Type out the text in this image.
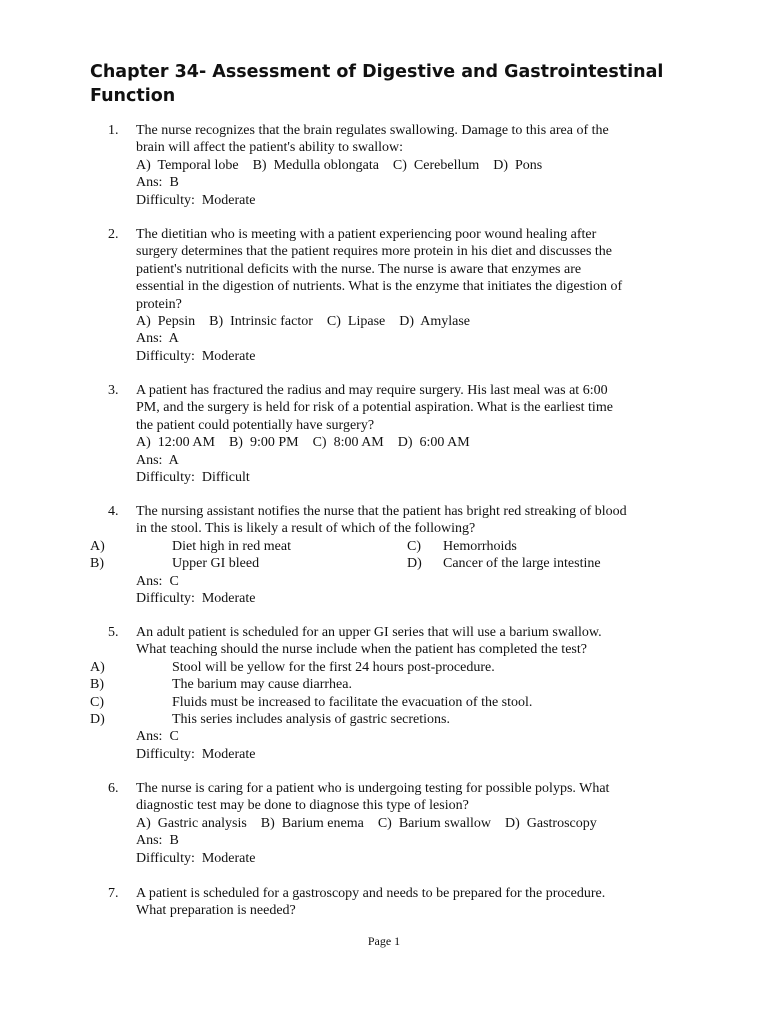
Chapter 34- Assessment of Digestive and Gastrointestinal Function
1.	The nurse recognizes that the brain regulates swallowing. Damage to this area of the
brain will affect the patient's ability to swallow:
A)  Temporal lobe    B)  Medulla oblongata    C)  Cerebellum    D)  Pons
Ans:  B
Difficulty:  Moderate
2.	The dietitian who is meeting with a patient experiencing poor wound healing after
surgery determines that the patient requires more protein in his diet and discusses the
patient's nutritional deficits with the nurse. The nurse is aware that enzymes are
essential in the digestion of nutrients. What is the enzyme that initiates the digestion of
protein?
A)  Pepsin    B)  Intrinsic factor    C)  Lipase    D)  Amylase
Ans:  A
Difficulty:  Moderate
3.	A patient has fractured the radius and may require surgery. His last meal was at 6:00
PM, and the surgery is held for risk of a potential aspiration. What is the earliest time
the patient could potentially have surgery?
A)  12:00 AM    B)  9:00 PM    C)  8:00 AM    D)  6:00 AM
Ans:  A
Difficulty:  Difficult
4.	The nursing assistant notifies the nurse that the patient has bright red streaking of blood
in the stool. This is likely a result of which of the following?
A)	Diet high in red meat	C) Hemorrhoids
B)	Upper GI bleed	D) Cancer of the large intestine
Ans:  C
Difficulty:  Moderate
5.	An adult patient is scheduled for an upper GI series that will use a barium swallow.
What teaching should the nurse include when the patient has completed the test?
A)	Stool will be yellow for the first 24 hours post-procedure.
B)	The barium may cause diarrhea.
C)	Fluids must be increased to facilitate the evacuation of the stool.
D)	This series includes analysis of gastric secretions.
Ans:  C
Difficulty:  Moderate
6.	The nurse is caring for a patient who is undergoing testing for possible polyps. What
diagnostic test may be done to diagnose this type of lesion?
A)  Gastric analysis    B)  Barium enema    C)  Barium swallow    D)  Gastroscopy
Ans:  B
Difficulty:  Moderate
7.	A patient is scheduled for a gastroscopy and needs to be prepared for the procedure.
What preparation is needed?
Page 1
